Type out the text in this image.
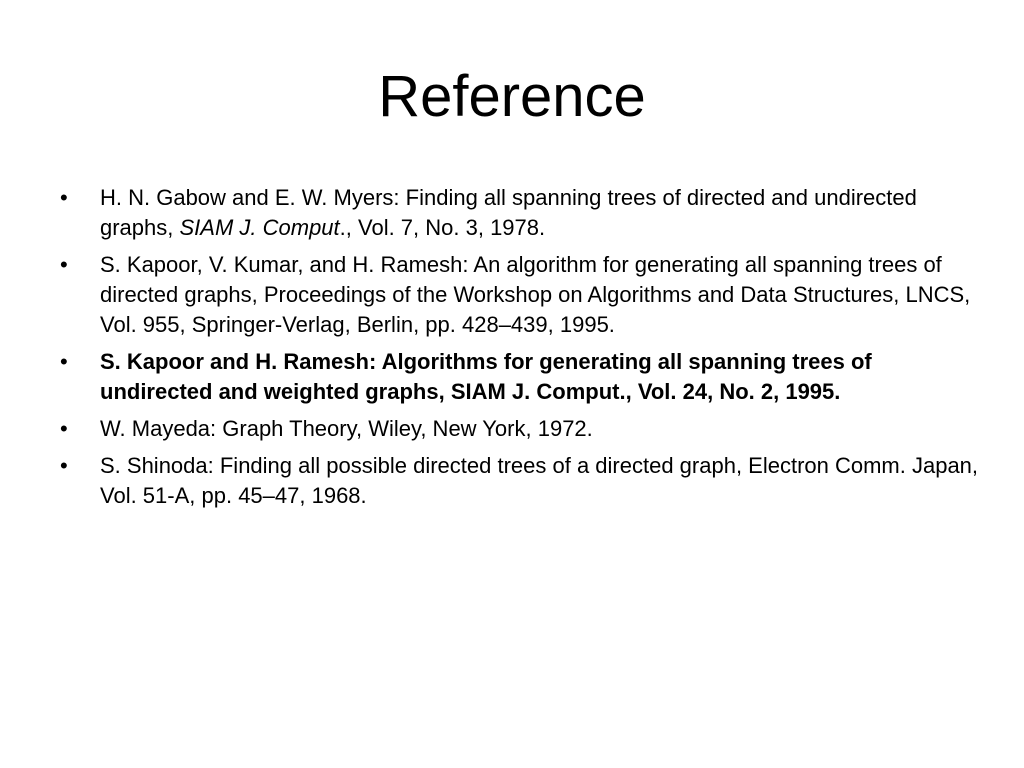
Reference
•	H. N. Gabow and E. W. Myers: Finding all spanning trees of directed and undirected graphs, SIAM J. Comput., Vol. 7, No. 3, 1978.
•	S. Kapoor, V. Kumar, and H. Ramesh: An algorithm for generating all spanning trees of directed graphs, Proceedings of the Workshop on Algorithms and Data Structures, LNCS, Vol. 955, Springer-Verlag, Berlin, pp. 428–439, 1995.
•	S. Kapoor and H. Ramesh: Algorithms for generating all spanning trees of undirected and weighted graphs, SIAM J. Comput., Vol. 24, No. 2, 1995.
•	W. Mayeda: Graph Theory, Wiley, New York, 1972.
•	S. Shinoda: Finding all possible directed trees of a directed graph, Electron Comm. Japan, Vol. 51-A, pp. 45–47, 1968.
